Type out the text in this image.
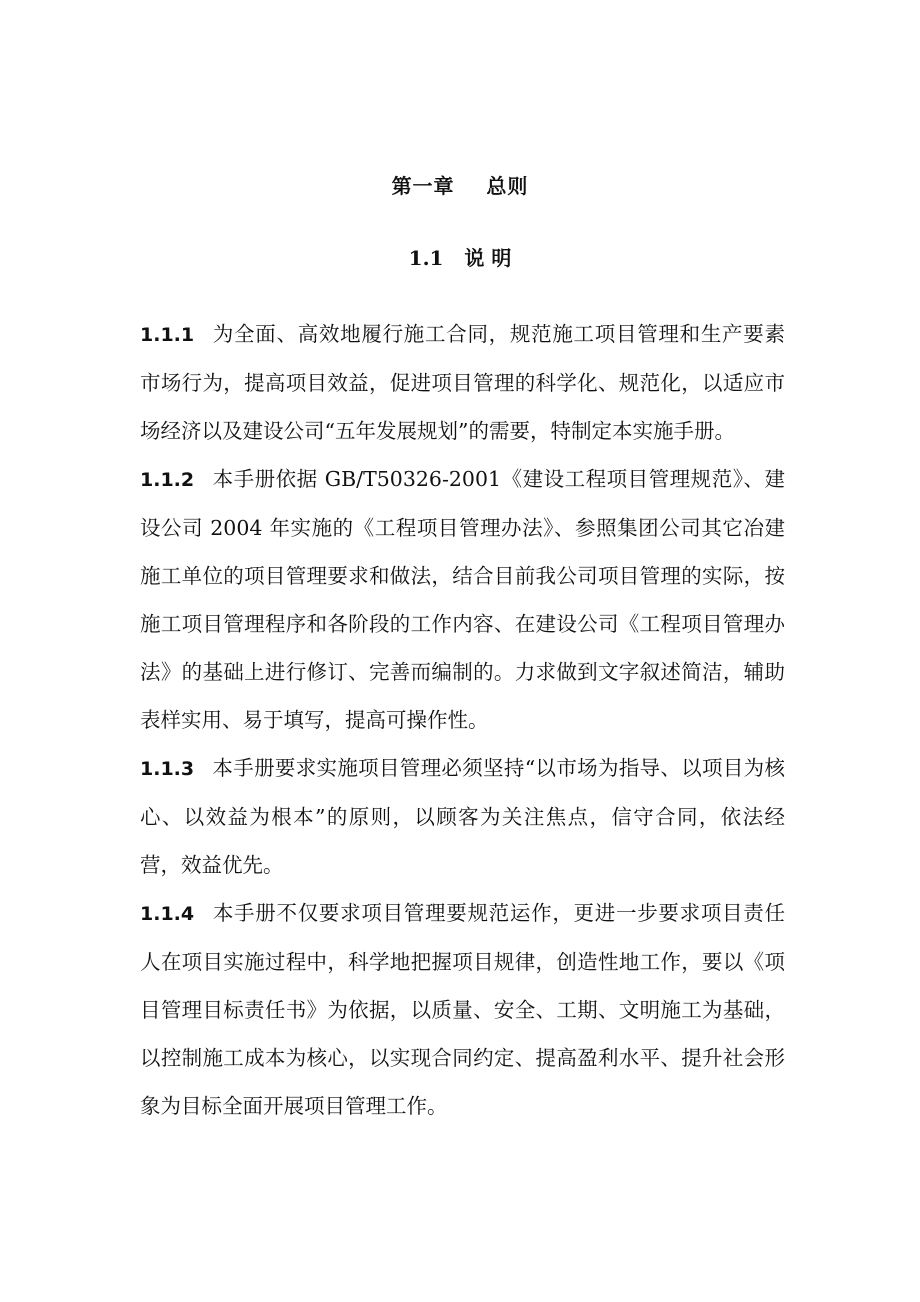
第一章    总则
1.1   说 明

1.1.1 为全面、高效地履行施工合同，规范施工项目管理和生产要素市场行为，提高项目效益，促进项目管理的科学化、规范化，以适应市场经济以及建设公司“五年发展规划”的需要，特制定本实施手册。

1.1.2 本手册依据 GB/T50326-2001《建设工程项目管理规范》、建设公司 2004 年实施的《工程项目管理办法》、参照集团公司其它冶建施工单位的项目管理要求和做法，结合目前我公司项目管理的实际，按施工项目管理程序和各阶段的工作内容、在建设公司《工程项目管理办法》的基础上进行修订、完善而编制的。力求做到文字叙述简洁，辅助表样实用、易于填写，提高可操作性。

1.1.3 本手册要求实施项目管理必须坚持“以市场为指导、以项目为核心、以效益为根本”的原则，以顾客为关注焦点，信守合同，依法经营，效益优先。

1.1.4 本手册不仅要求项目管理要规范运作，更进一步要求项目责任人在项目实施过程中，科学地把握项目规律，创造性地工作，要以《项目管理目标责任书》为依据，以质量、安全、工期、文明施工为基础，以控制施工成本为核心，以实现合同约定、提高盈利水平、提升社会形象为目标全面开展项目管理工作。
